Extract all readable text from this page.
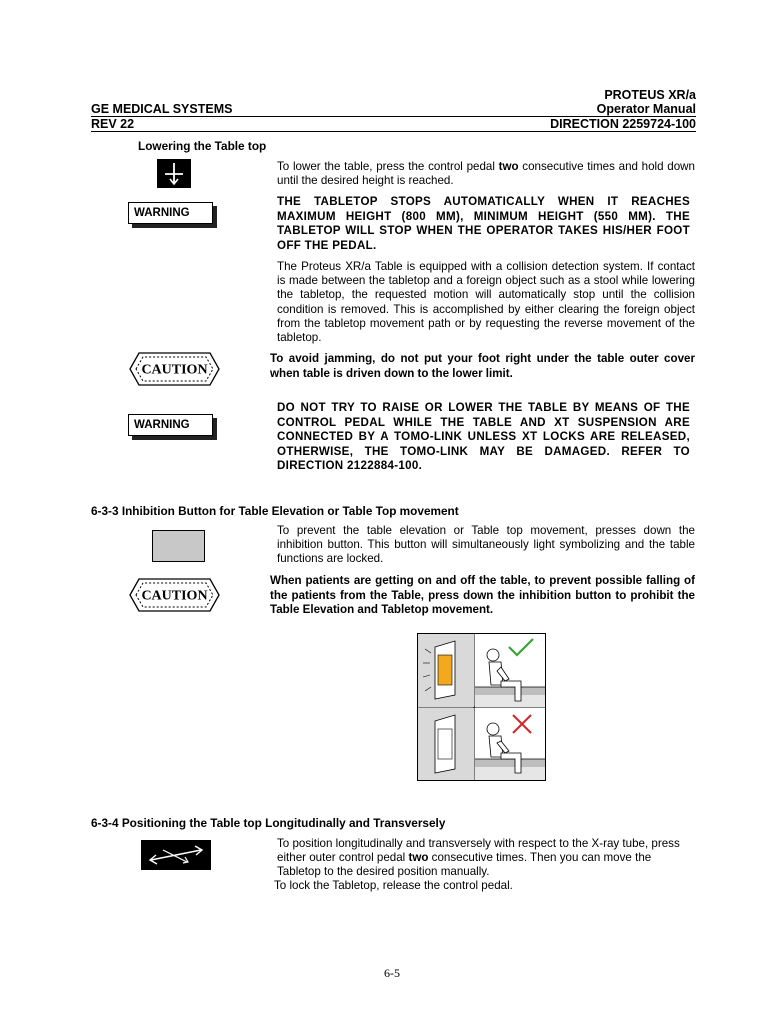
PROTEUS XR/a
GE MEDICAL SYSTEMS	Operator Manual
REV 22	DIRECTION 2259724-100
Lowering the Table top

To lower the table, press the control pedal two consecutive times and hold down until the desired height is reached.

WARNING

THE TABLETOP STOPS AUTOMATICALLY WHEN IT REACHES MAXIMUM HEIGHT (800 MM), MINIMUM HEIGHT (550 MM). THE TABLETOP WILL STOP WHEN THE OPERATOR TAKES HIS/HER FOOT OFF THE PEDAL.

The Proteus XR/a Table is equipped with a collision detection system. If contact is made between the tabletop and a foreign object such as a stool while lowering the tabletop, the requested motion will automatically stop until the collision condition is removed. This is accomplished by either clearing the foreign object from the tabletop movement path or by requesting the reverse movement of the tabletop.

CAUTION

To avoid jamming, do not put your foot right under the table outer cover when table is driven down to the lower limit.

WARNING

DO NOT TRY TO RAISE OR LOWER THE TABLE BY MEANS OF THE CONTROL PEDAL WHILE THE TABLE AND XT SUSPENSION ARE CONNECTED BY A TOMO-LINK UNLESS XT LOCKS ARE RELEASED, OTHERWISE, THE TOMO-LINK MAY BE DAMAGED. REFER TO DIRECTION 2122884-100.

6-3-3 Inhibition Button for Table Elevation or Table Top movement

To prevent the table elevation or Table top movement, presses down the inhibition button. This button will simultaneously light symbolizing and the table functions are locked.

CAUTION

When patients are getting on and off the table, to prevent possible falling of the patients from the Table, press down the inhibition button to prohibit the Table Elevation and Tabletop movement.

6-3-4 Positioning the Table top Longitudinally and Transversely

To position longitudinally and transversely with respect to the X-ray tube, press either outer control pedal two consecutive times. Then you can move the Tabletop to the desired position manually.

To lock the Tabletop, release the control pedal.

6-5
